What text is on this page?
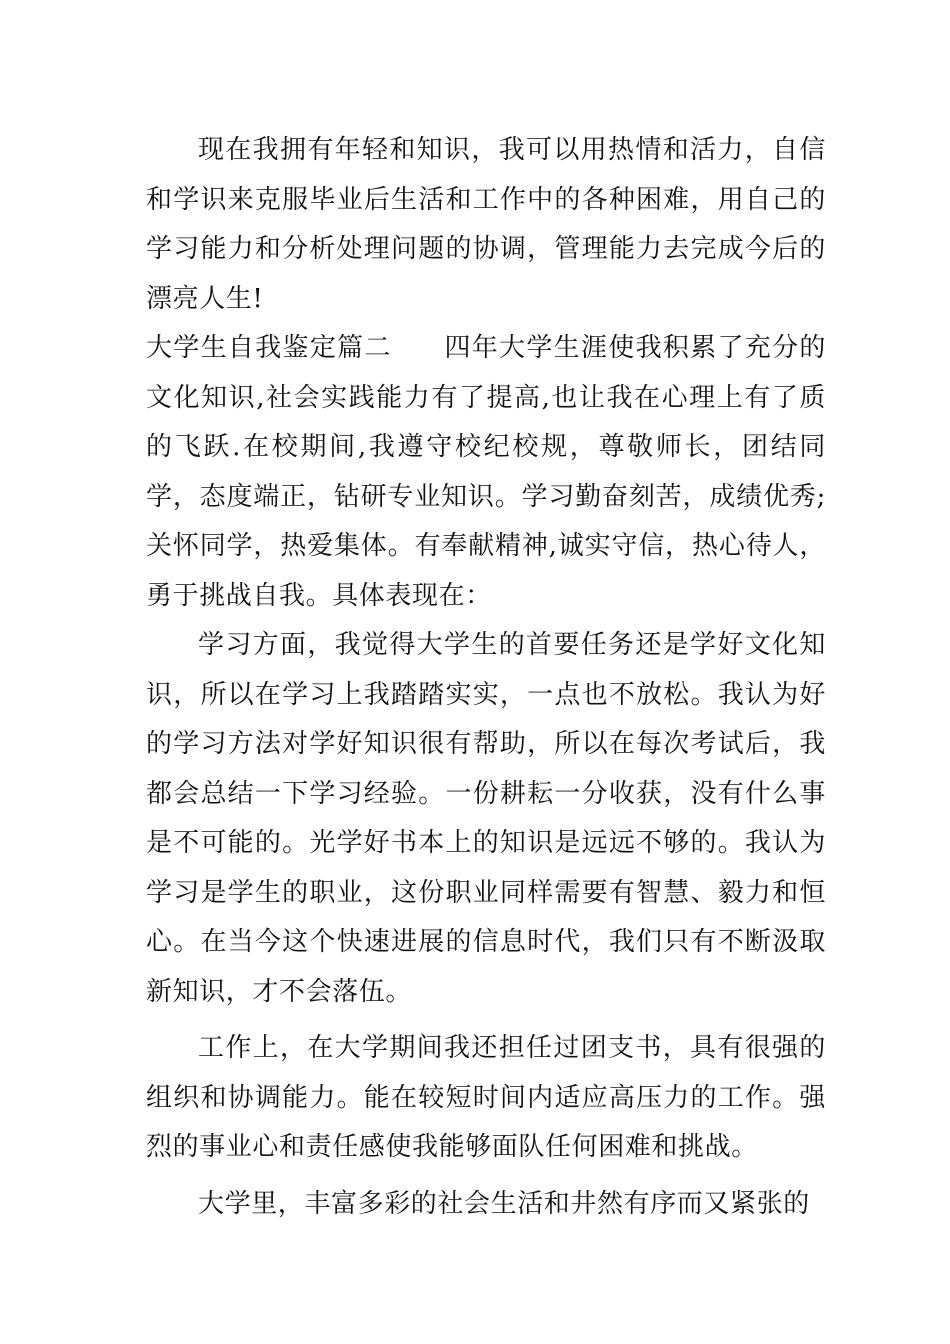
现在我拥有年轻和知识，我可以用热情和活力，自信和学识来克服毕业后生活和工作中的各种困难，用自己的学习能力和分析处理问题的协调，管理能力去完成今后的漂亮人生!

大学生自我鉴定篇二 四年大学生涯使我积累了充分的文化知识,社会实践能力有了提高,也让我在心理上有了质的飞跃.在校期间,我遵守校纪校规，尊敬师长，团结同学，态度端正，钻研专业知识。学习勤奋刻苦，成绩优秀;关怀同学，热爱集体。有奉献精神,诚实守信，热心待人，勇于挑战自我。具体表现在：

学习方面，我觉得大学生的首要任务还是学好文化知识，所以在学习上我踏踏实实，一点也不放松。我认为好的学习方法对学好知识很有帮助，所以在每次考试后，我都会总结一下学习经验。一份耕耘一分收获，没有什么事是不可能的。光学好书本上的知识是远远不够的。我认为学习是学生的职业，这份职业同样需要有智慧、毅力和恒心。在当今这个快速进展的信息时代，我们只有不断汲取新知识，才不会落伍。

工作上，在大学期间我还担任过团支书，具有很强的组织和协调能力。能在较短时间内适应高压力的工作。强烈的事业心和责任感使我能够面队任何困难和挑战。

大学里，丰富多彩的社会生活和井然有序而又紧张的
